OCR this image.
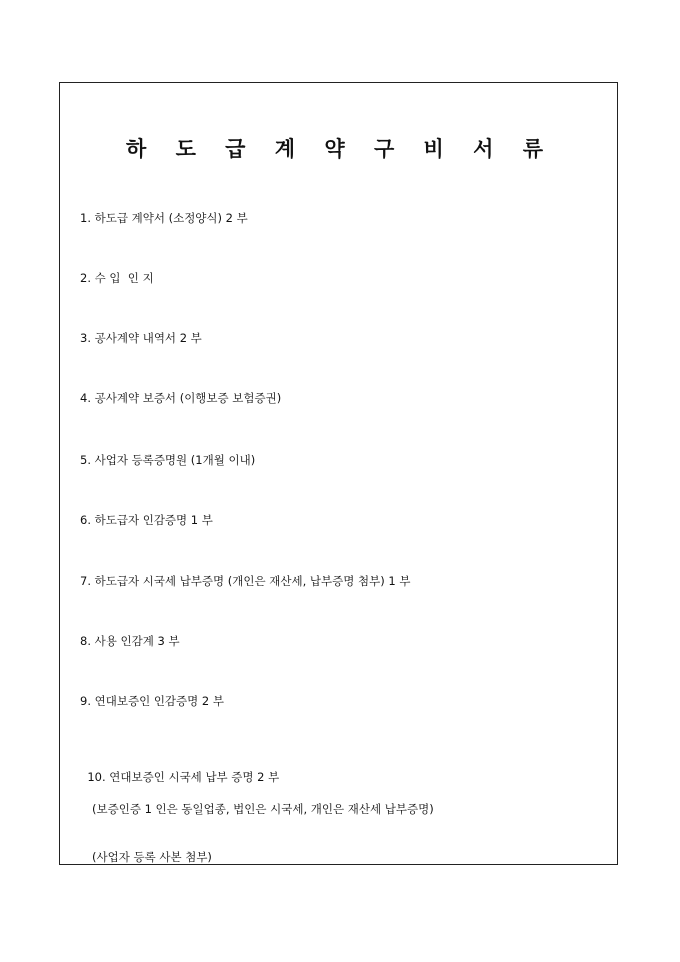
하 도 급 계 약 구 비 서 류
1. 하도급 계약서 (소정양식) 2 부
2. 수 입  인 지
3. 공사계약 내역서 2 부
4. 공사계약 보증서 (이행보증 보험증권)
5. 사업자 등록증명원 (1개월 이내)
6. 하도급자 인감증명 1 부
7. 하도급자 시국세 납부증명 (개인은 재산세, 납부증명 첨부) 1 부
8. 사용 인감계 3 부
9. 연대보증인 인감증명 2 부

10. 연대보증인 시국세 납부 증명 2 부

(보증인증 1 인은 동일업종, 법인은 시국세, 개인은 재산세 납부증명)

(사업자 등록 사본 첨부)
